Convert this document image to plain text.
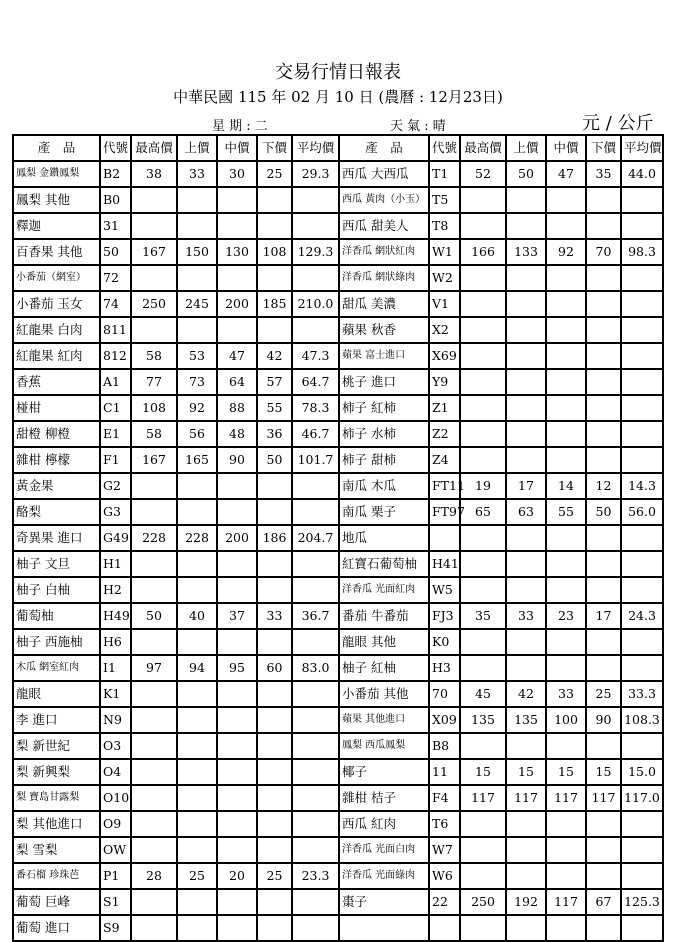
交易行情日報表
中華民國 115 年 02 月 10 日 (農曆 : 12月23日)
星 期 : 二	天 氣 : 晴	元 / 公斤
產　品	代號	最高價	上價	中價	下價	平均價	產　品	代號	最高價	上價	中價	下價	平均價
鳳梨 金鑽鳳梨	B2	38	33	30	25	29.3	西瓜 大西瓜	T1	52	50	47	35	44.0
鳳梨 其他	B0						西瓜 黃肉（小玉）	T5					
釋迦	31						西瓜 甜美人	T8					
百香果 其他	50	167	150	130	108	129.3	洋香瓜 網狀紅肉	W1	166	133	92	70	98.3
小番茄（網室）	72						洋香瓜 網狀綠肉	W2					
小番茄 玉女	74	250	245	200	185	210.0	甜瓜 美濃	V1					
紅龍果 白肉	811						蘋果 秋香	X2					
紅龍果 紅肉	812	58	53	47	42	47.3	蘋果 富士進口	X69					
香蕉	A1	77	73	64	57	64.7	桃子 進口	Y9					
椪柑	C1	108	92	88	55	78.3	柿子 紅柿	Z1					
甜橙 柳橙	E1	58	56	48	36	46.7	柿子 水柿	Z2					
雜柑 檸檬	F1	167	165	90	50	101.7	柿子 甜柿	Z4					
黃金果	G2						南瓜 木瓜	FT11	19	17	14	12	14.3
酪梨	G3						南瓜 栗子	FT97	65	63	55	50	56.0
奇異果 進口	G49	228	228	200	186	204.7	地瓜						
柚子 文旦	H1						紅寶石葡萄柚	H41					
柚子 白柚	H2						洋香瓜 光面紅肉	W5					
葡萄柚	H49	50	40	37	33	36.7	番茄 牛番茄	FJ3	35	33	23	17	24.3
柚子 西施柚	H6						龍眼 其他	K0					
木瓜 網室紅肉	I1	97	94	95	60	83.0	柚子 紅柚	H3					
龍眼	K1						小番茄 其他	70	45	42	33	25	33.3
李 進口	N9						蘋果 其他進口	X09	135	135	100	90	108.3
梨 新世紀	O3						鳳梨 西瓜鳳梨	B8					
梨 新興梨	O4						椰子	11	15	15	15	15	15.0
梨 寶島甘露梨	O10						雜柑 桔子	F4	117	117	117	117	117.0
梨 其他進口	O9						西瓜 紅肉	T6					
梨 雪梨	OW						洋香瓜 光面白肉	W7					
番石榴 珍珠芭	P1	28	25	20	25	23.3	洋香瓜 光面綠肉	W6					
葡萄 巨峰	S1						棗子	22	250	192	117	67	125.3
葡萄 進口	S9												
